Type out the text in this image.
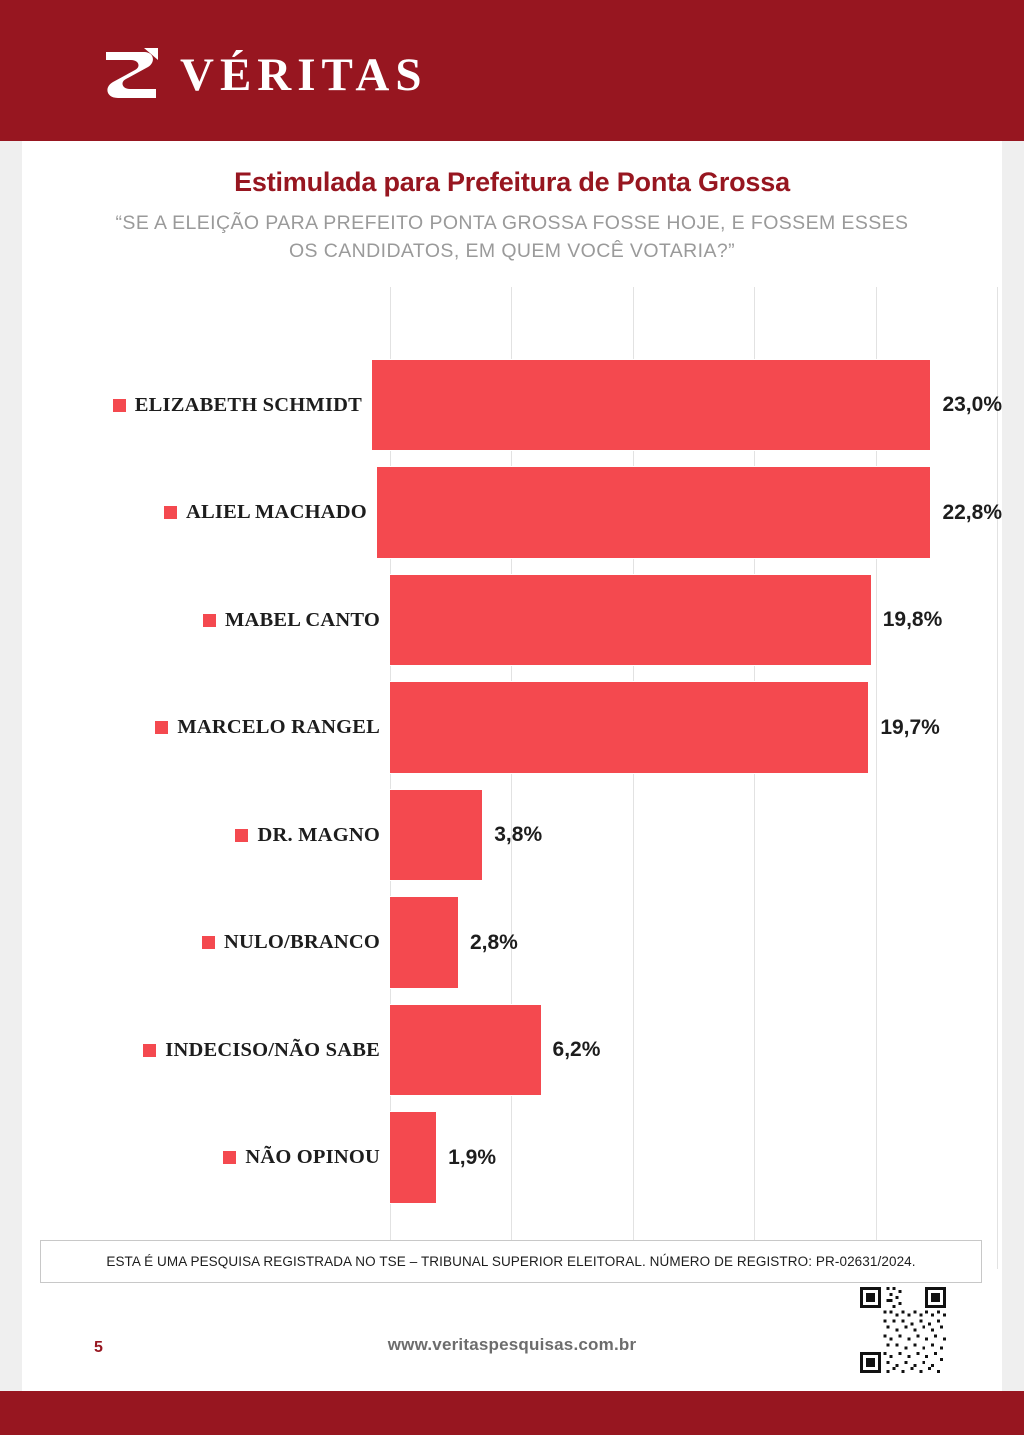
VÉRITAS
Estimulada para Prefeitura de Ponta Grossa

“SE A ELEIÇÃO PARA PREFEITO PONTA GROSSA FOSSE HOJE, E FOSSEM ESSES OS CANDIDATOS, EM QUEM VOCÊ VOTARIA?”

ELIZABETH SCHMIDT	23,0%
ALIEL MACHADO	22,8%
MABEL CANTO	19,8%
MARCELO RANGEL	19,7%
DR. MAGNO	3,8%
NULO/BRANCO	2,8%
INDECISO/NÃO SABE	6,2%
NÃO OPINOU	1,9%
ESTA É UMA PESQUISA REGISTRADA NO TSE – TRIBUNAL SUPERIOR ELEITORAL. NÚMERO DE REGISTRO: PR-02631/2024.
5	www.veritaspesquisas.com.br
